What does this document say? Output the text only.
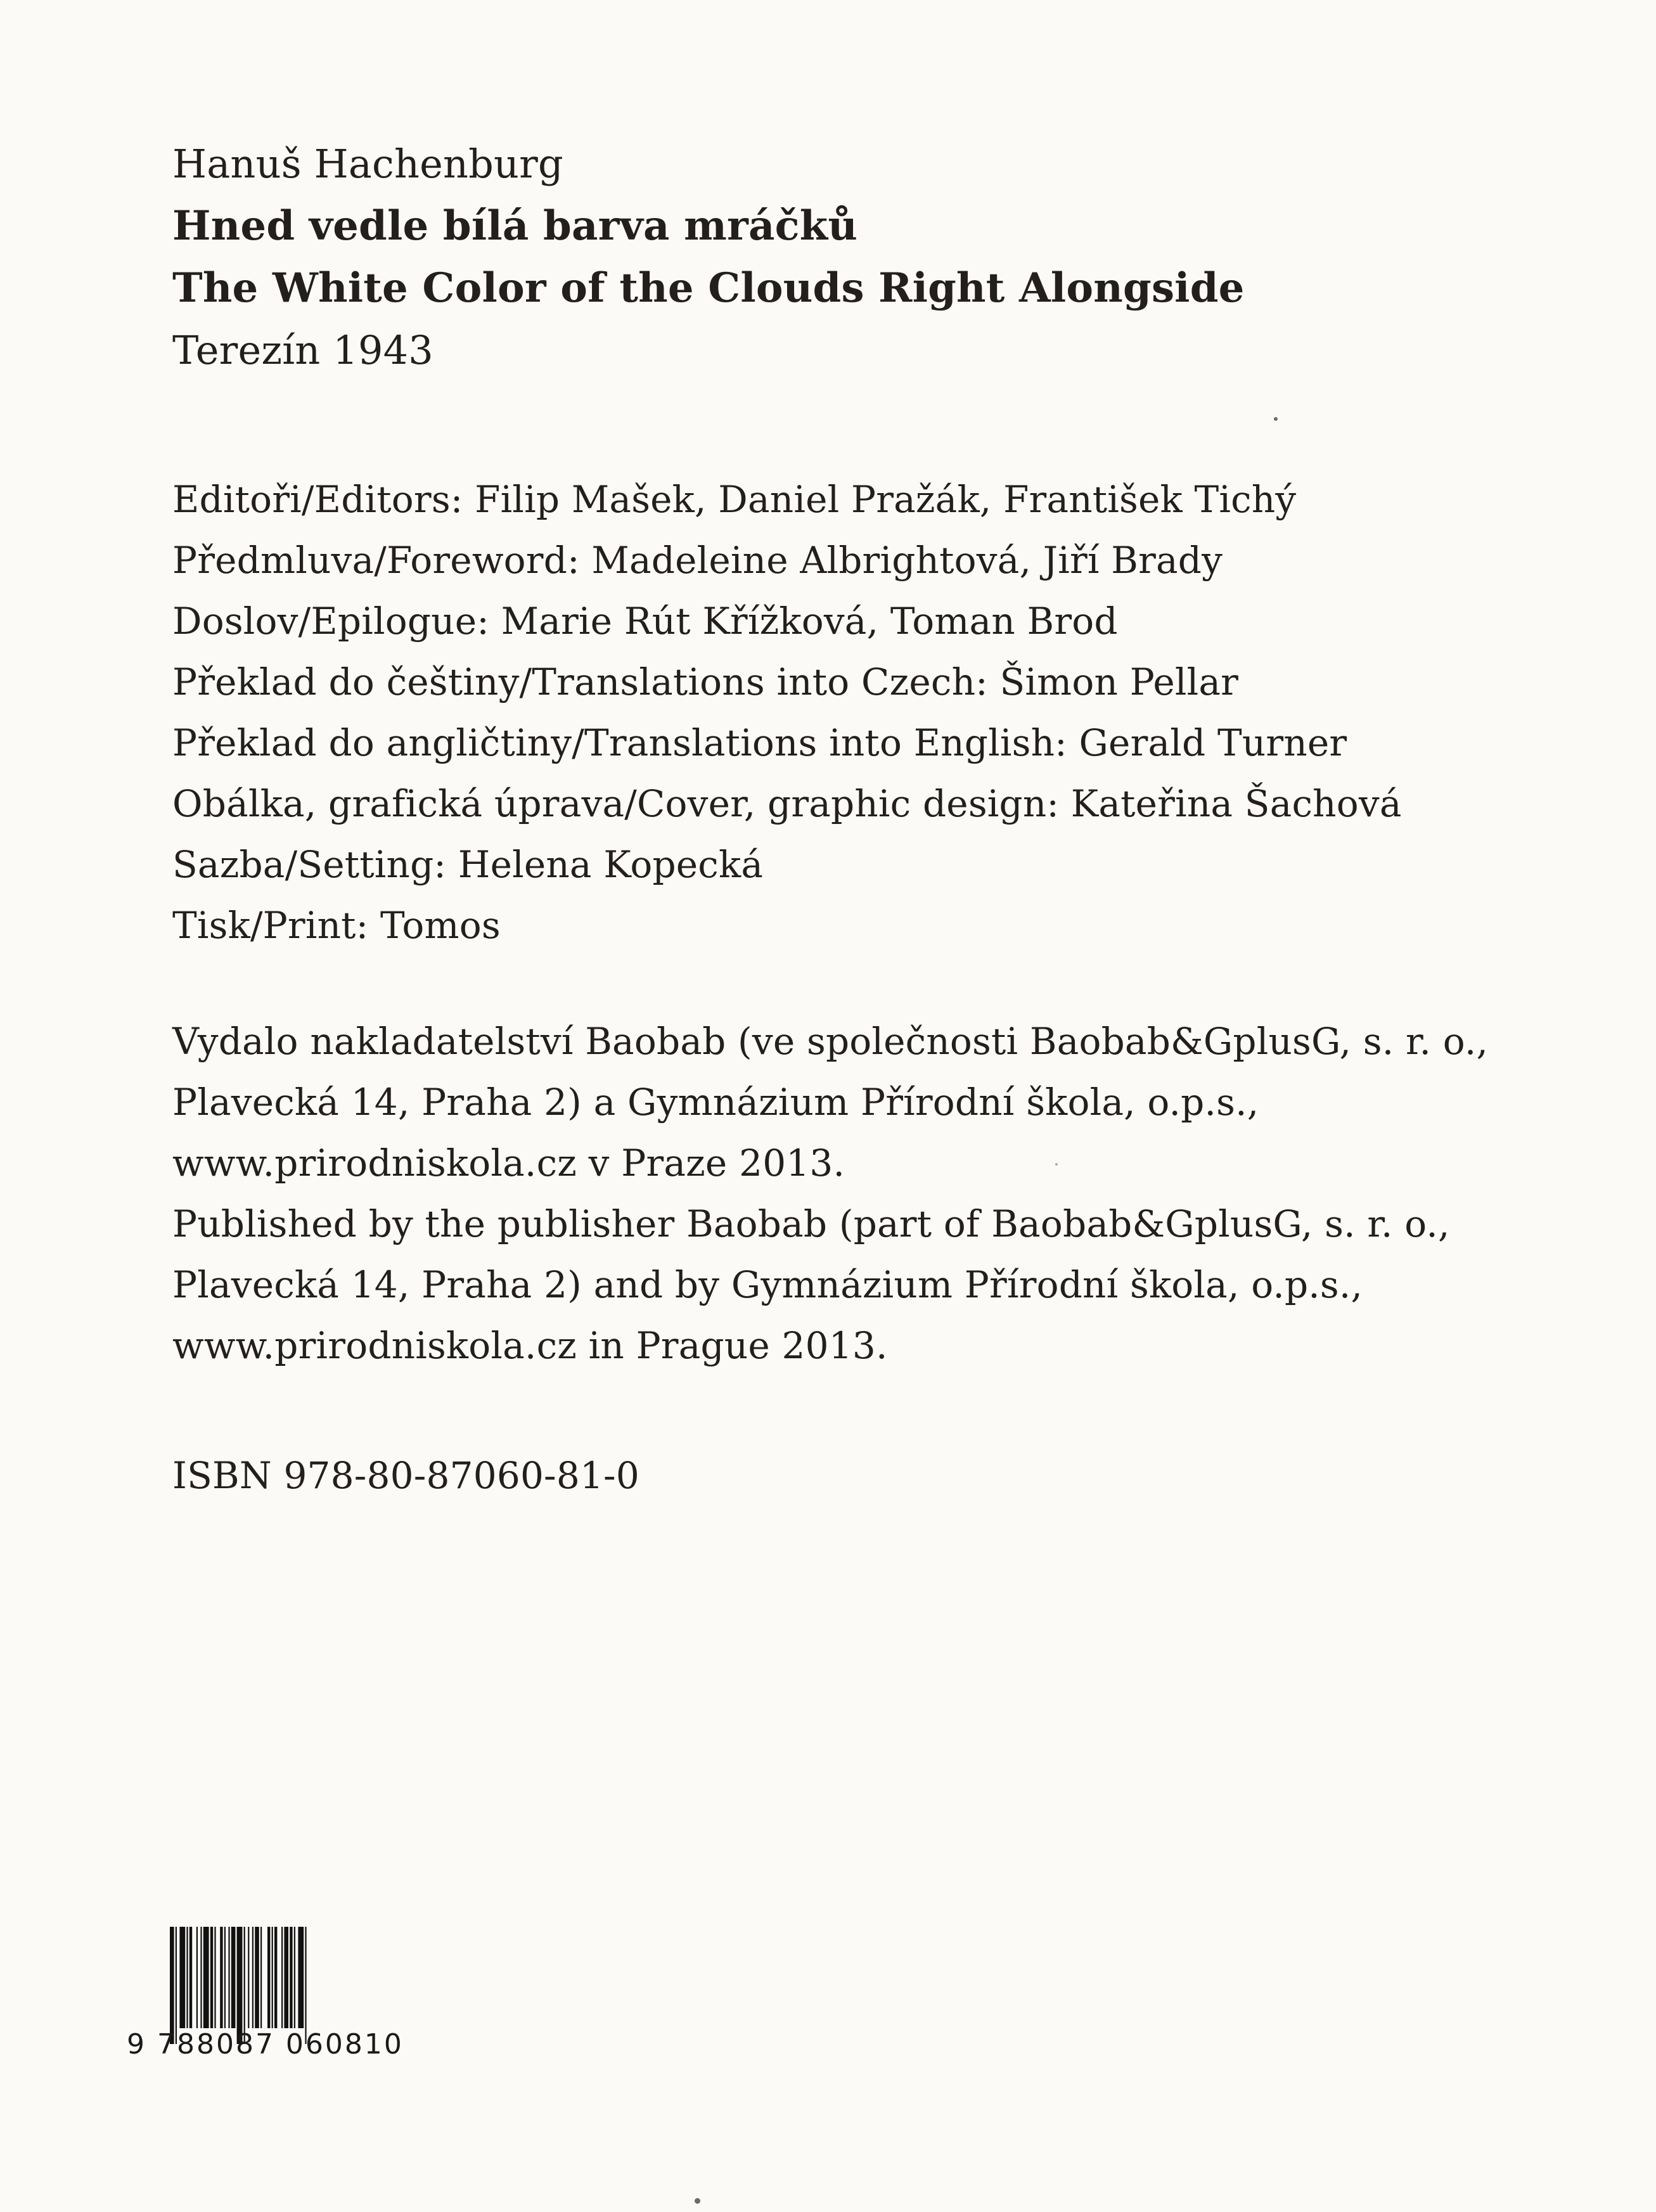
Hanuš Hachenburg
Hned vedle bílá barva mráčků
The White Color of the Clouds Right Alongside
Terezín 1943
Editoři/Editors: Filip Mašek, Daniel Pražák, František Tichý
Předmluva/Foreword: Madeleine Albrightová, Jiří Brady
Doslov/Epilogue: Marie Rút Křížková, Toman Brod
Překlad do češtiny/Translations into Czech: Šimon Pellar
Překlad do angličtiny/Translations into English: Gerald Turner
Obálka, grafická úprava/Cover, graphic design: Kateřina Šachová
Sazba/Setting: Helena Kopecká
Tisk/Print: Tomos
Vydalo nakladatelství Baobab (ve společnosti Baobab&GplusG, s. r. o.,
Plavecká 14, Praha 2) a Gymnázium Přírodní škola, o.p.s.,
www.prirodniskola.cz v Praze 2013.
Published by the publisher Baobab (part of Baobab&GplusG, s. r. o.,
Plavecká 14, Praha 2) and by Gymnázium Přírodní škola, o.p.s.,
www.prirodniskola.cz in Prague 2013.
ISBN 978-80-87060-81-0
9 788087 060810
